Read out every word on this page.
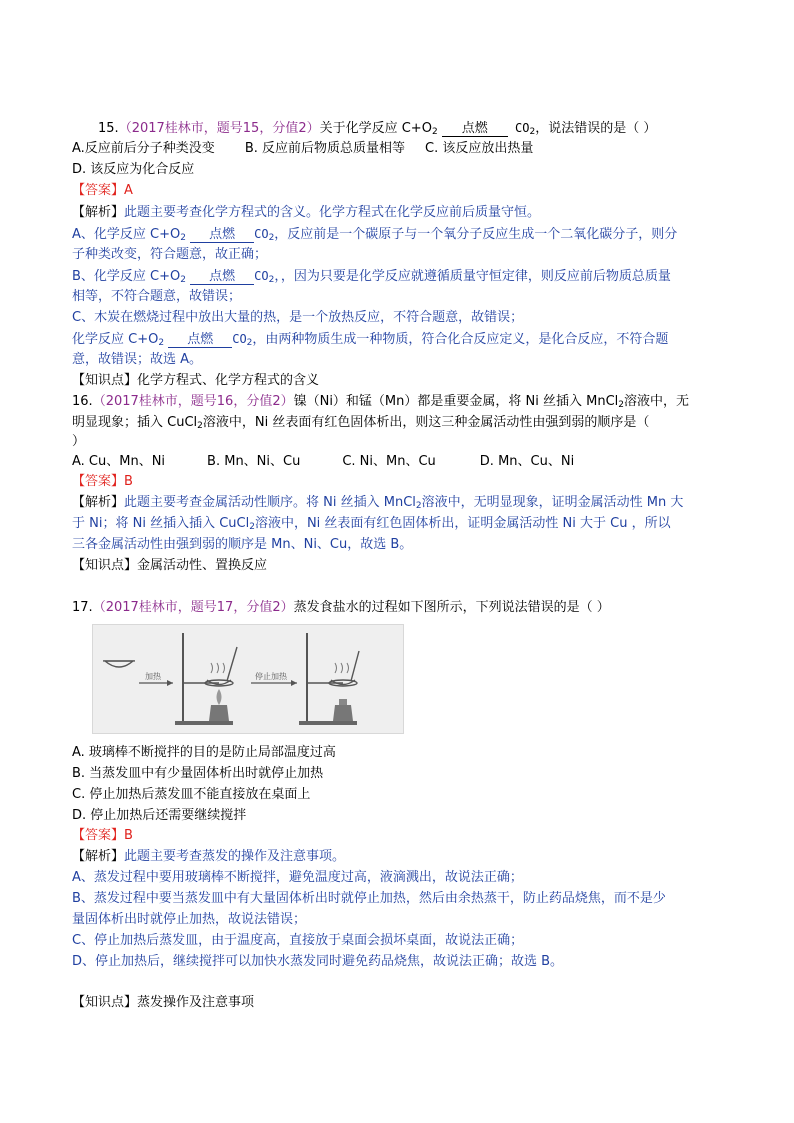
15.（2017桂林市，题号15，分值2）关于化学反应 $C+O_2$ 点燃 $CO_2$，说法错误的是（ ）
A.反应前后分子种类没变 B. 反应前后物质总质量相等 C. 该反应放出热量
D. 该反应为化合反应
【答案】A
【解析】此题主要考查化学方程式的含义。化学方程式在化学反应前后质量守恒。
A、化学反应 $C+O_2$ 点燃 $CO_2$，反应前是一个碳原子与一个氧分子反应生成一个二氧化碳分子，则分
子种类改变，符合题意，故正确；
B、化学反应 $C+O_2$ 点燃 $CO_2$，，因为只要是化学反应就遵循质量守恒定律，则反应前后物质总质量
相等，不符合题意，故错误；
C、木炭在燃烧过程中放出大量的热，是一个放热反应，不符合题意，故错误；
化学反应 $C+O_2$ 点燃 $CO_2$，由两种物质生成一种物质，符合化合反应定义，是化合反应，不符合题
意，故错误；故选 A。
【知识点】化学方程式、化学方程式的含义
16.（2017桂林市，题号16，分值2）镍（Ni）和锰（Mn）都是重要金属，将 Ni 丝插入 MnCl$_2$溶液中，无
明显现象；插入 CuCl$_2$溶液中，Ni 丝表面有红色固体析出，则这三种金属活动性由强到弱的顺序是（
）
A. Cu、Mn、Ni	B. Mn、Ni、Cu	C. Ni、Mn、Cu	D. Mn、Cu、Ni
【答案】B
【解析】此题主要考查金属活动性顺序。将 Ni 丝插入 MnCl$_2$溶液中，无明显现象，证明金属活动性 Mn 大
于 Ni；将 Ni 丝插入插入 CuCl$_2$溶液中，Ni 丝表面有红色固体析出，证明金属活动性 Ni 大于 Cu ，所以
三各金属活动性由强到弱的顺序是 Mn、Ni、Cu，故选 B。
【知识点】金属活动性、置换反应
17.（2017桂林市，题号17，分值2）蒸发食盐水的过程如下图所示，下列说法错误的是（ ）
加热	停止加热
A. 玻璃棒不断搅拌的目的是防止局部温度过高
B. 当蒸发皿中有少量固体析出时就停止加热
C. 停止加热后蒸发皿不能直接放在桌面上
D. 停止加热后还需要继续搅拌
【答案】B
【解析】此题主要考查蒸发的操作及注意事项。
A、蒸发过程中要用玻璃棒不断搅拌，避免温度过高，液滴溅出，故说法正确；
B、蒸发过程中要当蒸发皿中有大量固体析出时就停止加热，然后由余热蒸干，防止药品烧焦，而不是少
量固体析出时就停止加热，故说法错误；
C、停止加热后蒸发皿，由于温度高，直接放于桌面会损坏桌面，故说法正确；
D、停止加热后，继续搅拌可以加快水蒸发同时避免药品烧焦，故说法正确；故选 B。
【知识点】蒸发操作及注意事项
